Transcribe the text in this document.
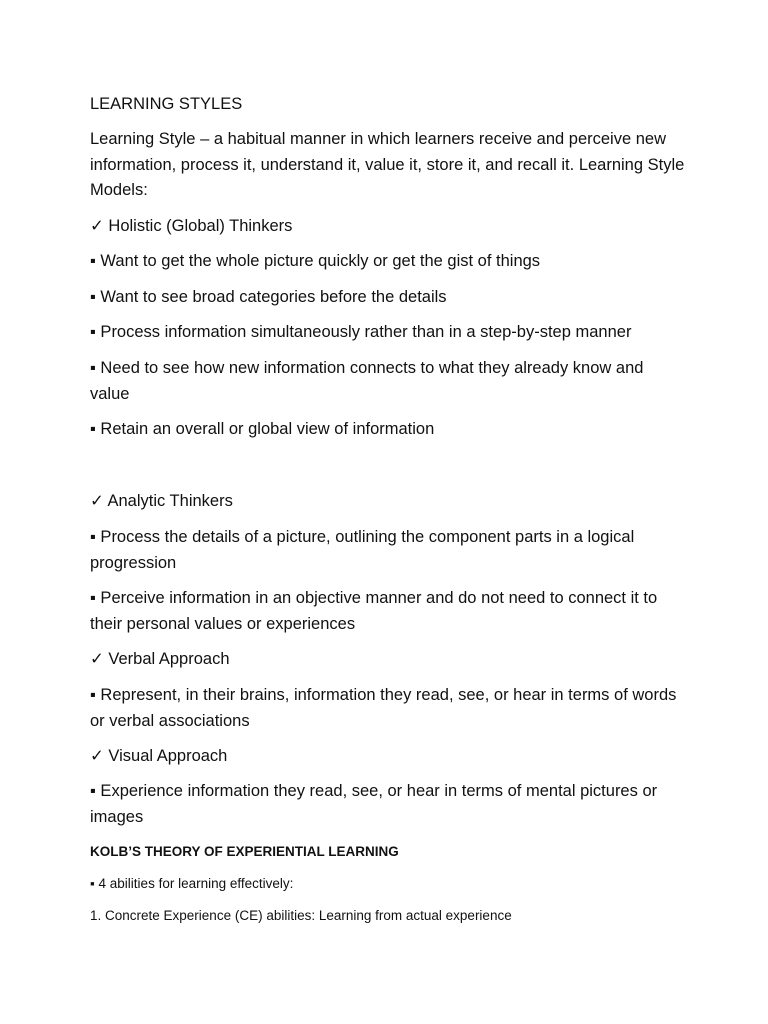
LEARNING STYLES
Learning Style – a habitual manner in which learners receive and perceive new information, process it, understand it, value it, store it, and recall it. Learning Style Models:
✓ Holistic (Global) Thinkers
▪ Want to get the whole picture quickly or get the gist of things
▪ Want to see broad categories before the details
▪ Process information simultaneously rather than in a step-by-step manner
▪ Need to see how new information connects to what they already know and value
▪ Retain an overall or global view of information
✓ Analytic Thinkers
▪ Process the details of a picture, outlining the component parts in a logical progression
▪ Perceive information in an objective manner and do not need to connect it to their personal values or experiences
✓ Verbal Approach
▪ Represent, in their brains, information they read, see, or hear in terms of words or verbal associations
✓ Visual Approach
▪ Experience information they read, see, or hear in terms of mental pictures or images
KOLB’S THEORY OF EXPERIENTIAL LEARNING
▪ 4 abilities for learning effectively:
1. Concrete Experience (CE) abilities: Learning from actual experience
